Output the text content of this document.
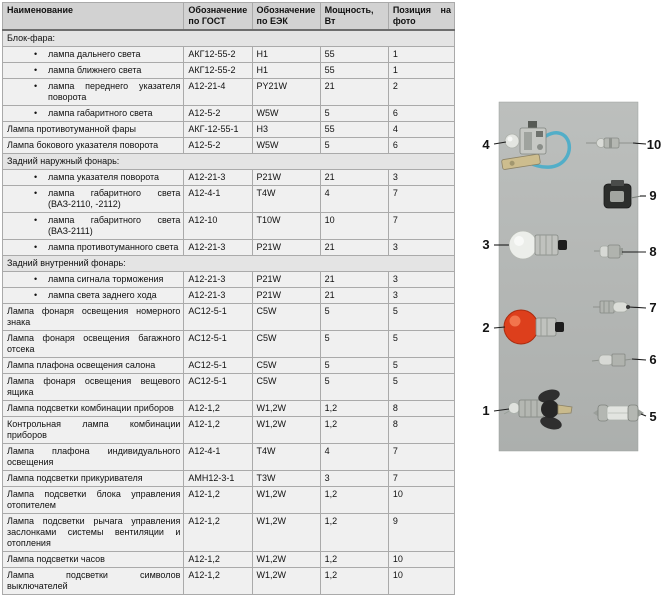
Наименование	Обозначение по ГОСТ	Обозначение по ЕЭК	Мощность, Вт	Позиция на фото
Блок-фара:				
• лампа дальнего света	АКГ12-55-2	H1	55	1
• лампа ближнего света	АКГ12-55-2	H1	55	1
• лампа переднего указателя поворота	А12-21-4	PY21W	21	2
• лампа габаритного света	А12-5-2	W5W	5	6
Лампа противотуманной фары	АКГ-12-55-1	H3	55	4
Лампа бокового указателя поворота	А12-5-2	W5W	5	6
Задний наружный фонарь:				
• лампа указателя поворота	А12-21-3	P21W	21	3
• лампа габаритного света (ВАЗ-2110, -2112)	А12-4-1	T4W	4	7
• лампа габаритного света (ВАЗ-2111)	А12-10	T10W	10	7
• лампа противотуманного света	А12-21-3	P21W	21	3
Задний внутренний фонарь:				
• лампа сигнала торможения	А12-21-3	P21W	21	3
• лампа света заднего хода	А12-21-3	P21W	21	3
Лампа фонаря освещения номерного знака	АС12-5-1	C5W	5	5
Лампа фонаря освещения багажного отсека	АС12-5-1	C5W	5	5
Лампа плафона освещения салона	АС12-5-1	C5W	5	5
Лампа фонаря освещения вещевого ящика	АС12-5-1	C5W	5	5
Лампа подсветки комбинации приборов	А12-1,2	W1,2W	1,2	8
Контрольная лампа комбинации приборов	А12-1,2	W1,2W	1,2	8
Лампа плафона индивидуального освещения	А12-4-1	T4W	4	7
Лампа подсветки прикуривателя	АМН12-3-1	T3W	3	7
Лампа подсветки блока управления отопителем	А12-1,2	W1,2W	1,2	10
Лампа подсветки рычага управления заслонками системы вентиляции и отопления	А12-1,2	W1,2W	1,2	9
Лампа подсветки часов	А12-1,2	W1,2W	1,2	10
Лампа подсветки символов выключателей	А12-1,2	W1,2W	1,2	10
1
2
3
4
5
6
7
8
9
10
